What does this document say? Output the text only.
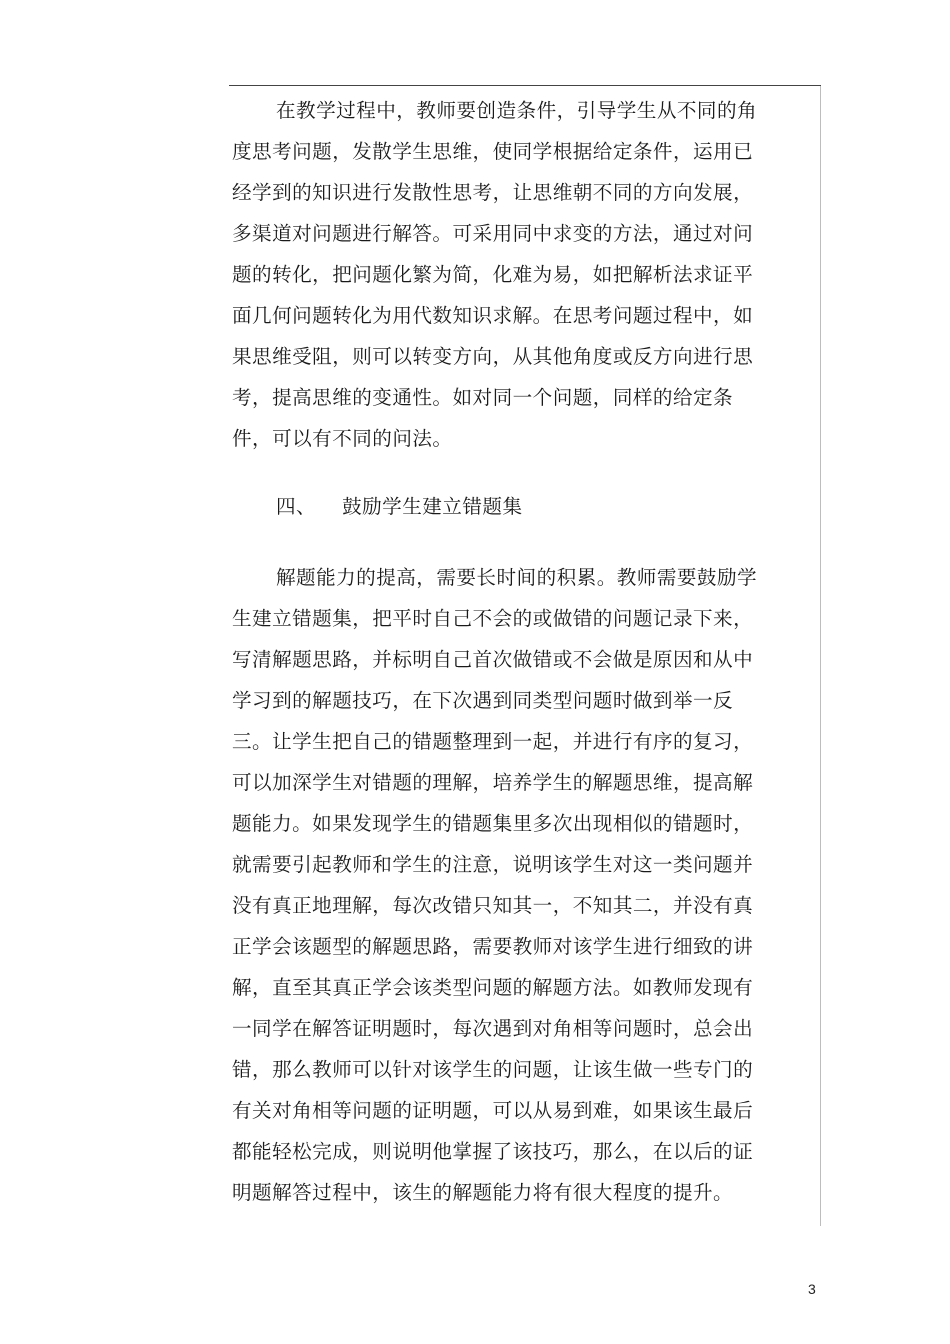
在教学过程中，教师要创造条件，引导学生从不同的角
度思考问题，发散学生思维，使同学根据给定条件，运用已
经学到的知识进行发散性思考，让思维朝不同的方向发展，
多渠道对问题进行解答。可采用同中求变的方法，通过对问
题的转化，把问题化繁为简，化难为易，如把解析法求证平
面几何问题转化为用代数知识求解。在思考问题过程中，如
果思维受阻，则可以转变方向，从其他角度或反方向进行思
考，提高思维的变通性。如对同一个问题，同样的给定条
件，可以有不同的问法。
四、 鼓励学生建立错题集
解题能力的提高，需要长时间的积累。教师需要鼓励学
生建立错题集，把平时自己不会的或做错的问题记录下来，
写清解题思路，并标明自己首次做错或不会做是原因和从中
学习到的解题技巧，在下次遇到同类型问题时做到举一反
三。让学生把自己的错题整理到一起，并进行有序的复习，
可以加深学生对错题的理解，培养学生的解题思维，提高解
题能力。如果发现学生的错题集里多次出现相似的错题时，
就需要引起教师和学生的注意，说明该学生对这一类问题并
没有真正地理解，每次改错只知其一，不知其二，并没有真
正学会该题型的解题思路，需要教师对该学生进行细致的讲
解，直至其真正学会该类型问题的解题方法。如教师发现有
一同学在解答证明题时，每次遇到对角相等问题时，总会出
错，那么教师可以针对该学生的问题，让该生做一些专门的
有关对角相等问题的证明题，可以从易到难，如果该生最后
都能轻松完成，则说明他掌握了该技巧，那么，在以后的证
明题解答过程中，该生的解题能力将有很大程度的提升。
3
